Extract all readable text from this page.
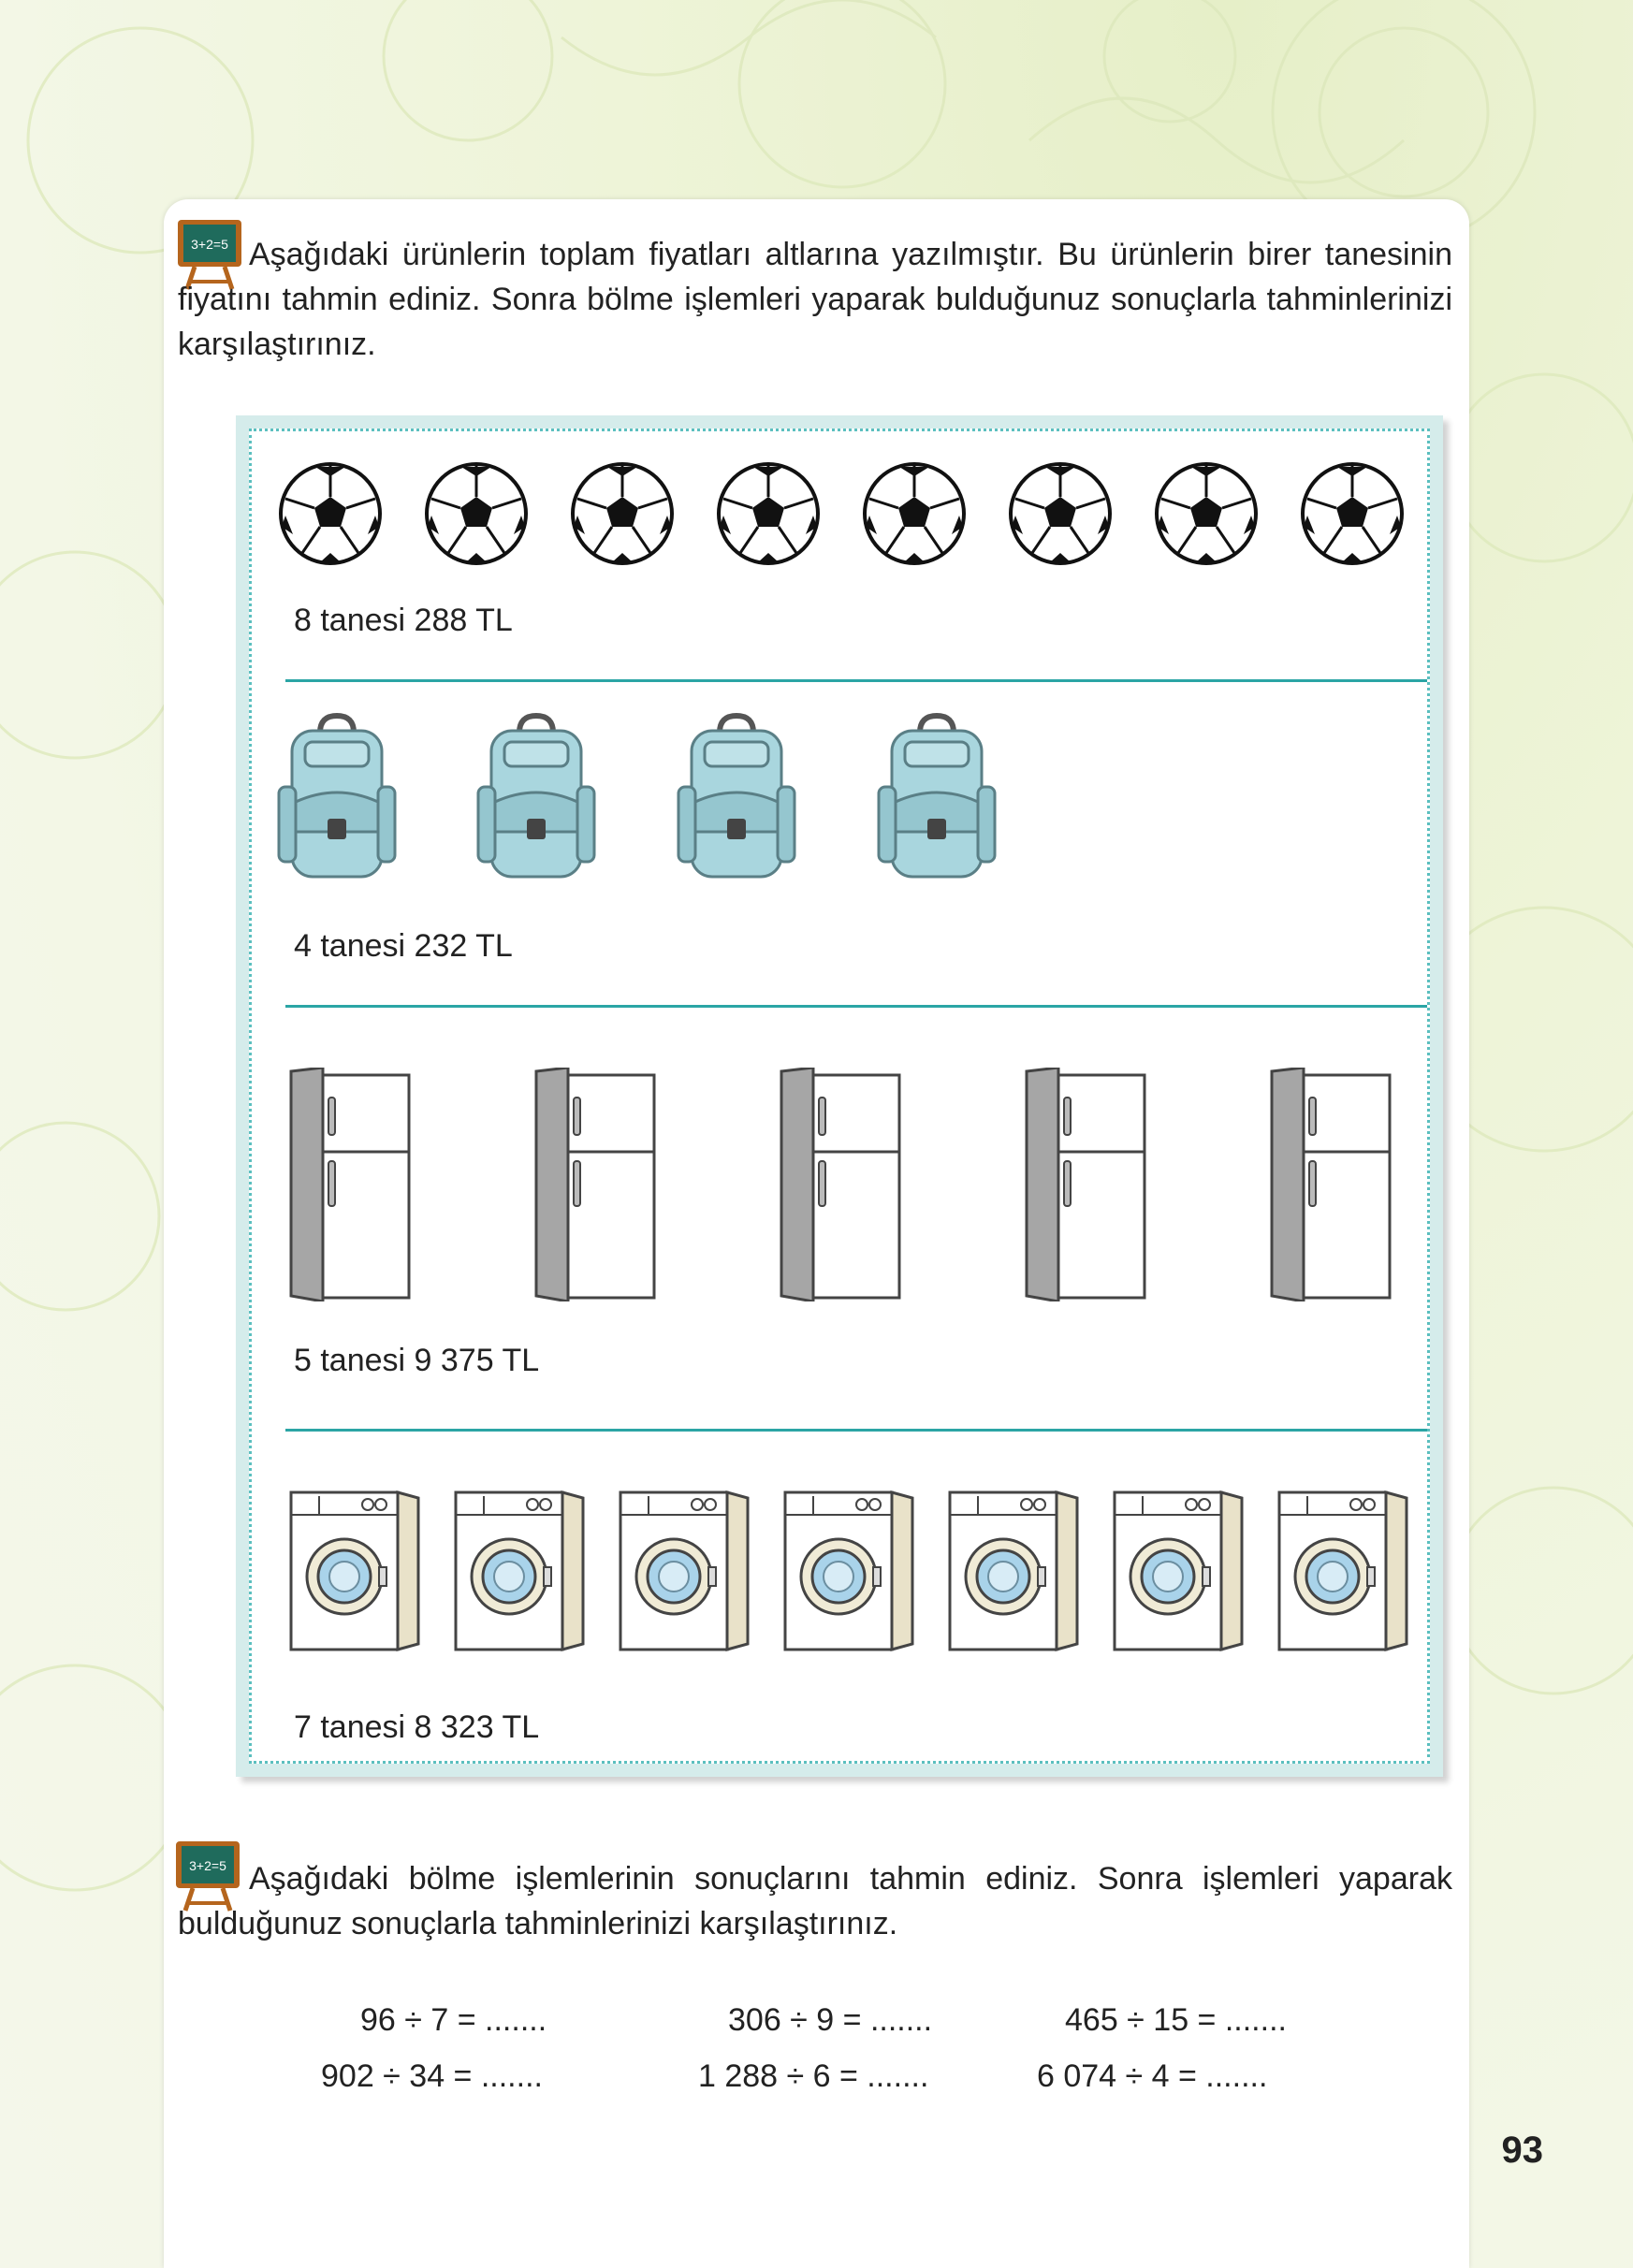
3+2=5 Aşağıdaki ürünlerin toplam fiyatları altlarına yazılmıştır. Bu ürünlerin birer tanesinin fiyatını tahmin ediniz. Sonra bölme işlemleri yaparak bulduğunuz sonuçlarla tahminlerinizi karşılaştırınız.

8 tanesi 288 TL

4 tanesi 232 TL

5 tanesi 9 375 TL

7 tanesi 8 323 TL

3+2=5 Aşağıdaki bölme işlemlerinin sonuçlarını tahmin ediniz. Sonra işlemleri yaparak bulduğunuz sonuçlarla tahminlerinizi karşılaştırınız.

96 ÷ 7 = .......	306 ÷ 9 = .......	465 ÷ 15 = .......
902 ÷ 34 = .......	1 288 ÷ 6 = .......	6 074 ÷ 4 = .......
93
